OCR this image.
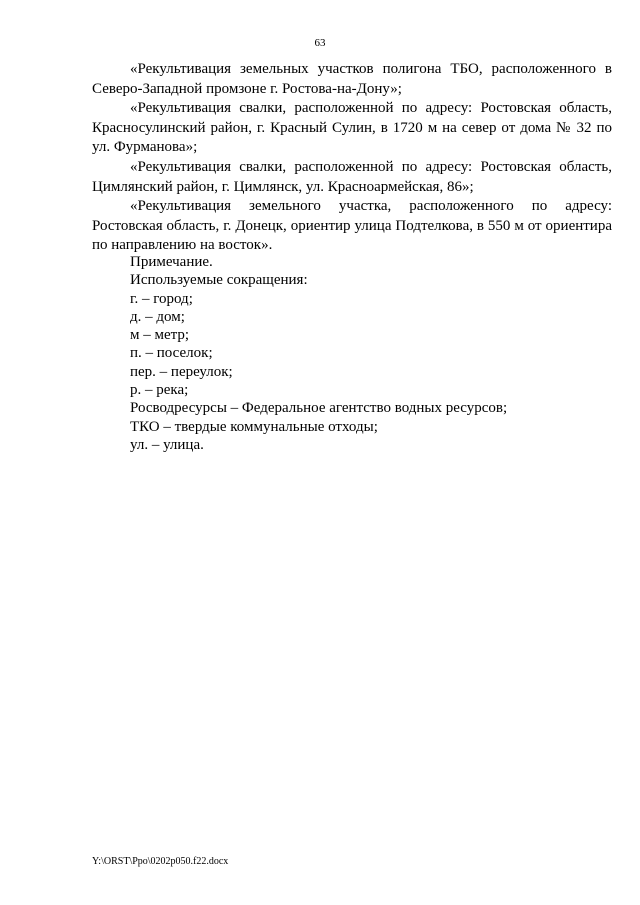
63

«Рекультивация земельных участков полигона ТБО, расположенного в Северо-Западной промзоне г. Ростова-на-Дону»;

«Рекультивация свалки, расположенной по адресу: Ростовская область, Красносулинский район, г. Красный Сулин, в 1720 м на север от дома № 32 по ул. Фурманова»;

«Рекультивация свалки, расположенной по адресу: Ростовская область, Цимлянский район, г. Цимлянск, ул. Красноармейская, 86»;

«Рекультивация земельного участка, расположенного по адресу: Ростовская область, г. Донецк, ориентир улица Подтелкова, в 550 м от ориентира по направлению на восток».

Примечание.

Используемые сокращения:

г. – город;

д. – дом;

м – метр;

п. – поселок;

пер. – переулок;

р. – река;

Росводресурсы – Федеральное агентство водных ресурсов;

ТКО – твердые коммунальные отходы;

ул. – улица.

Y:\ORST\Ppo\0202p050.f22.docx
